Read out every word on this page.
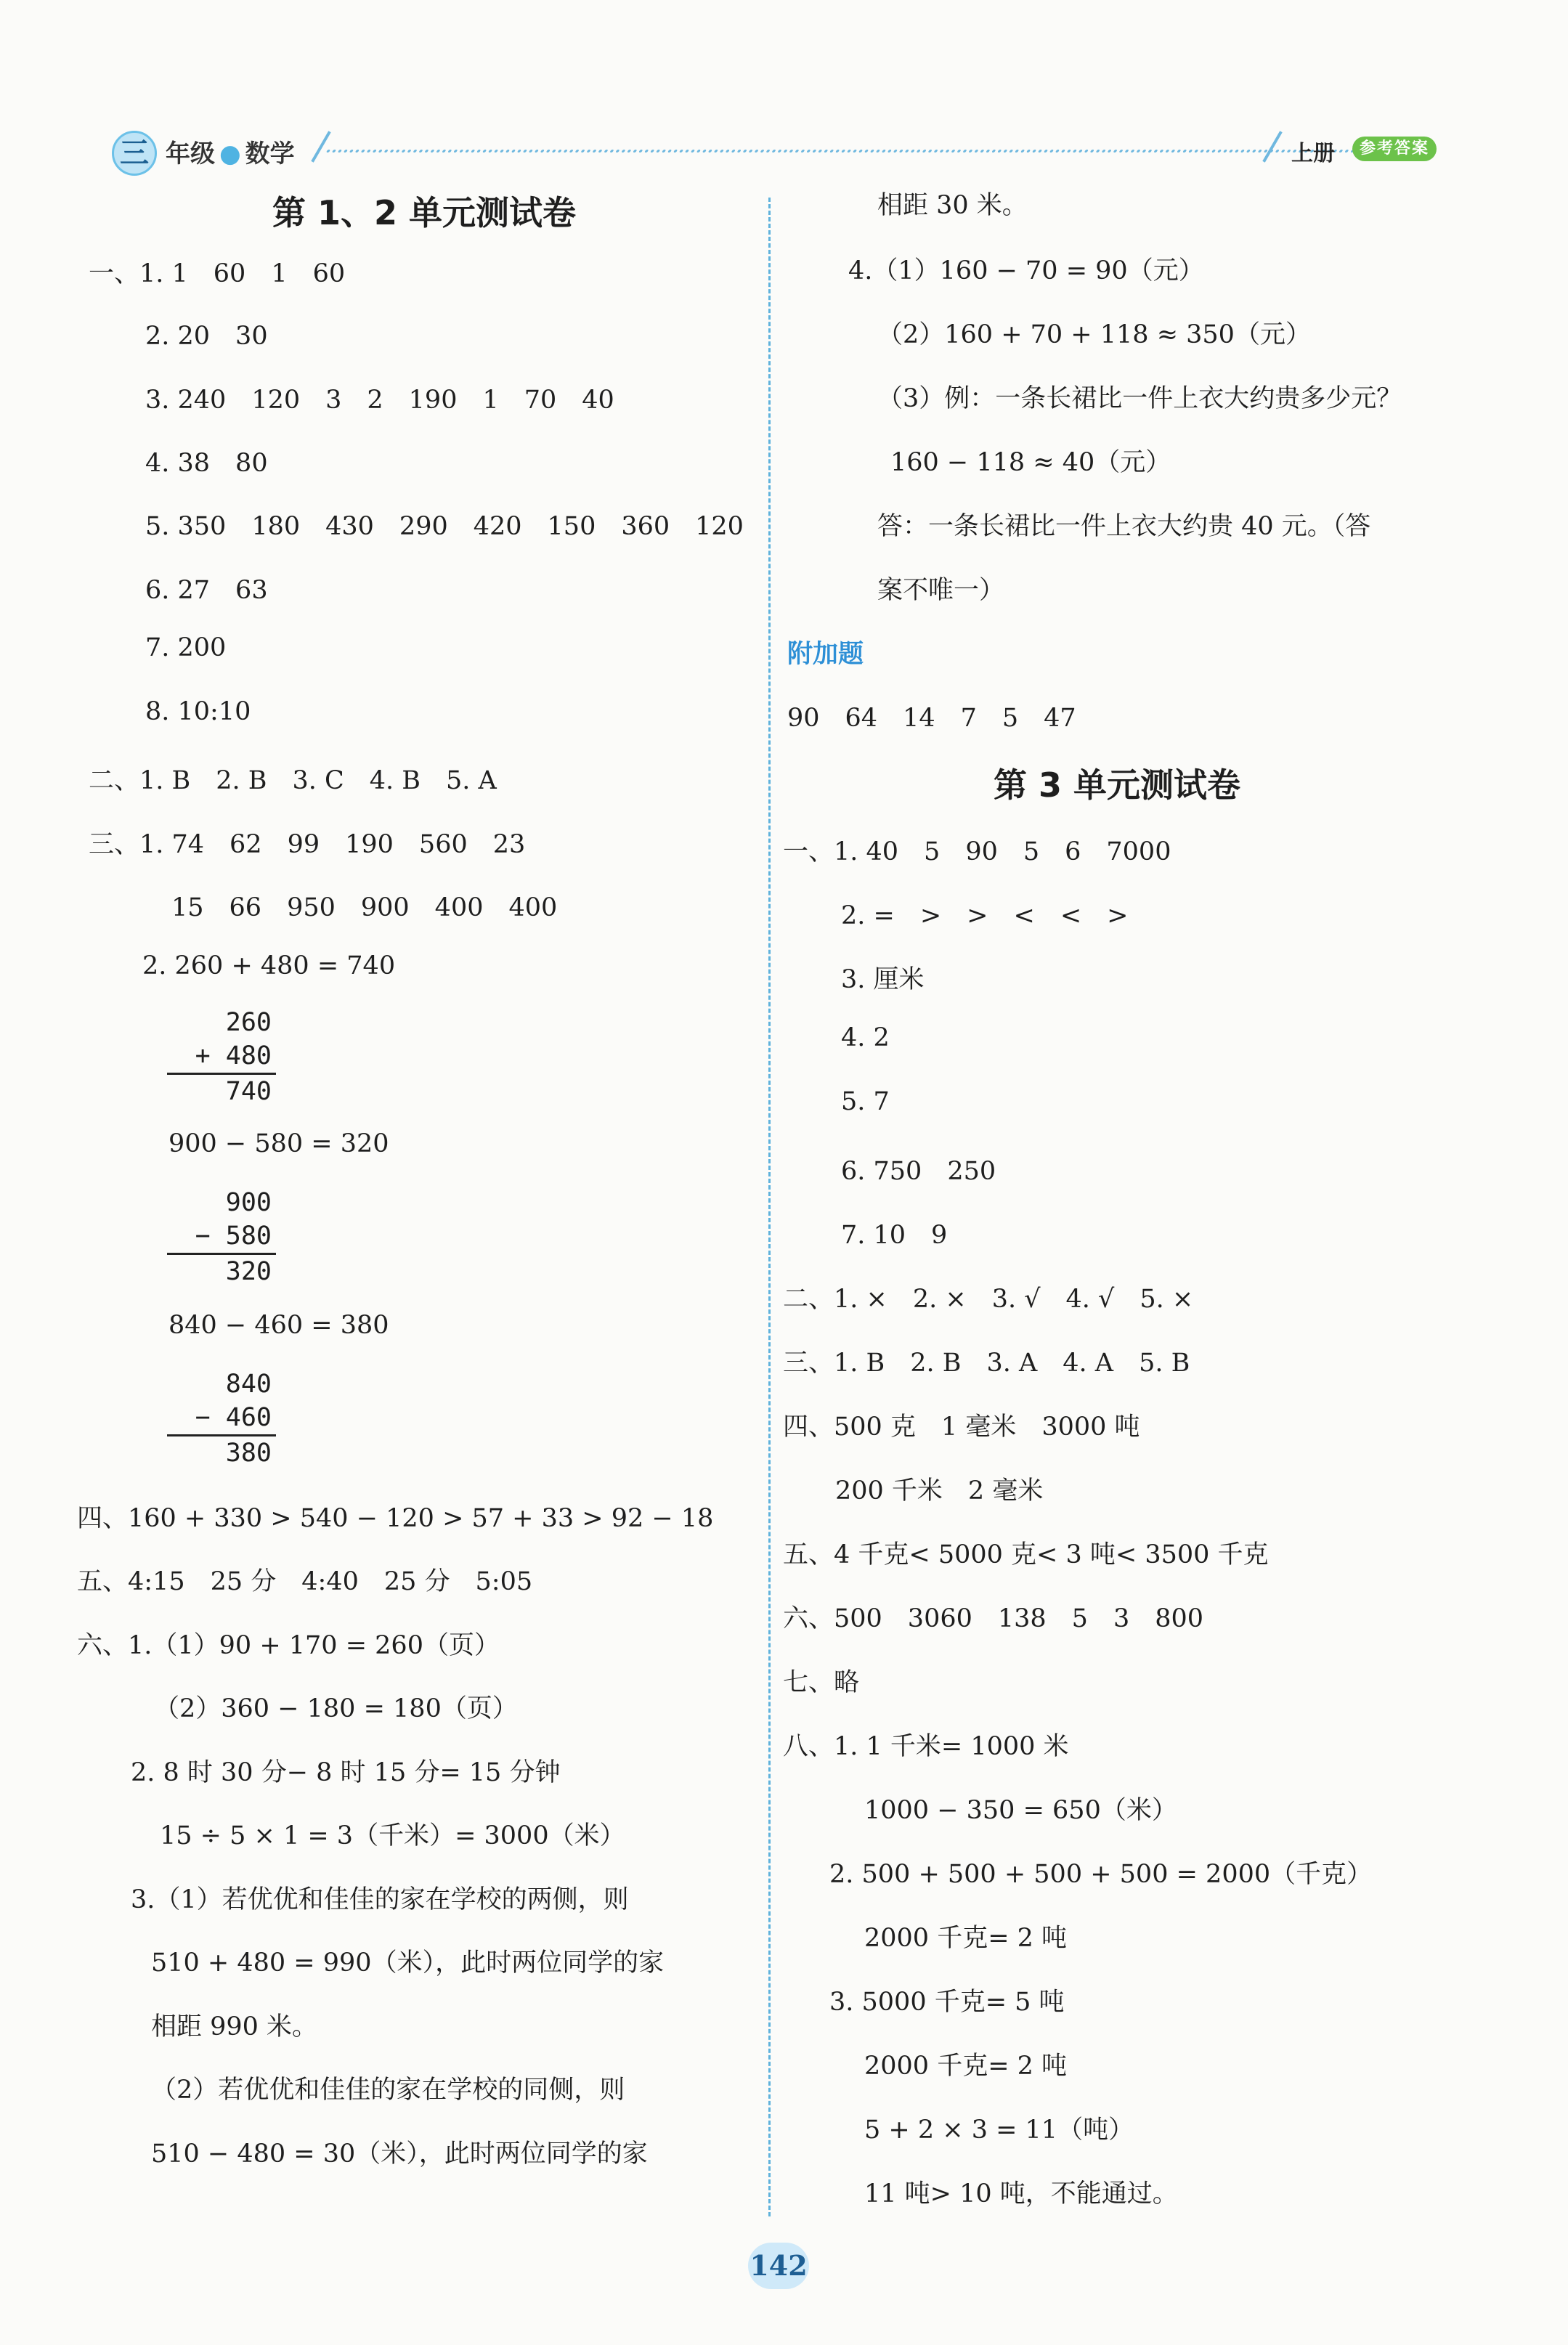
三 年级 ● 数学	上册	参考答案
第 1、2 单元测试卷
一、1. 1　60　1　60
2. 20　30
3. 240　120　3　2　190　1　70　40
4. 38　80
5. 350　180　430　290　420　150　360　120
6. 27　63
7. 200
8. 10:10
二、1. B　2. B　3. C　4. B　5. A
三、1. 74　62　99　190　560　23
15　66　950　900　400　400
2. 260 + 480 = 740
260
+ 480
740
900 − 580 = 320
900
− 580
320
840 − 460 = 380
840
− 460
380
四、160 + 330 > 540 − 120 > 57 + 33 > 92 − 18
五、4:15　25 分　4:40　25 分　5:05
六、1.（1）90 + 170 = 260（页）
（2）360 − 180 = 180（页）
2. 8 时 30 分− 8 时 15 分= 15 分钟
15 ÷ 5 × 1 = 3（千米）= 3000（米）
3.（1）若优优和佳佳的家在学校的两侧，则
510 + 480 = 990（米），此时两位同学的家
相距 990 米。
（2）若优优和佳佳的家在学校的同侧，则
510 − 480 = 30（米），此时两位同学的家
相距 30 米。
4.（1）160 − 70 = 90（元）
（2）160 + 70 + 118 ≈ 350（元）
（3）例：一条长裙比一件上衣大约贵多少元？
160 − 118 ≈ 40（元）
答：一条长裙比一件上衣大约贵 40 元。（答
案不唯一）
附加题
90　64　14　7　5　47
第 3 单元测试卷
一、1. 40　5　90　5　6　7000
2. =　>　>　<　<　>
3. 厘米
4. 2
5. 7
6. 750　250
7. 10　9
二、1. ×　2. ×　3. √　4. √　5. ×
三、1. B　2. B　3. A　4. A　5. B
四、500 克　1 毫米　3000 吨
200 千米　2 毫米
五、4 千克< 5000 克< 3 吨< 3500 千克
六、500　3060　138　5　3　800
七、略
八、1. 1 千米= 1000 米
1000 − 350 = 650（米）
2. 500 + 500 + 500 + 500 = 2000（千克）
2000 千克= 2 吨
3. 5000 千克= 5 吨
2000 千克= 2 吨
5 + 2 × 3 = 11（吨）
11 吨> 10 吨，不能通过。
142
